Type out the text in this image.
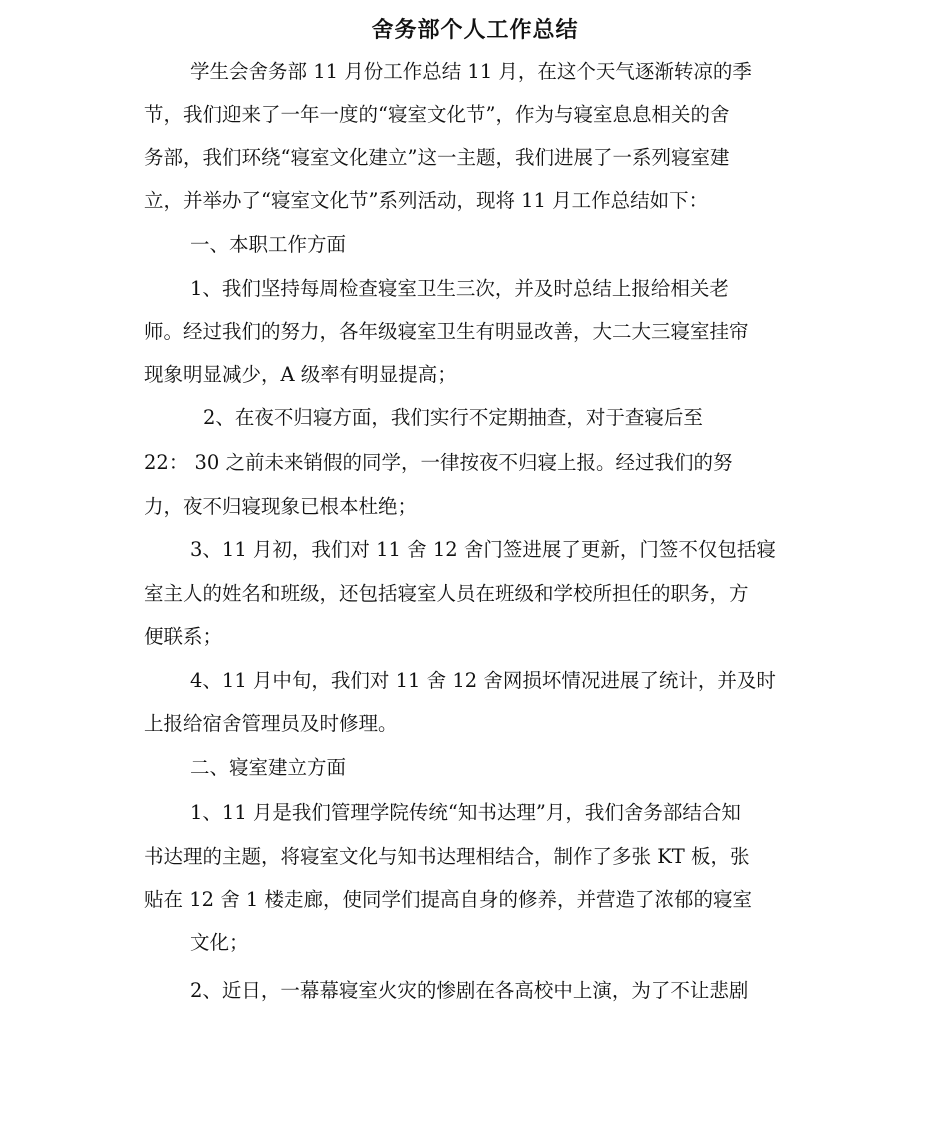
舍务部个人工作总结
学生会舍务部 11 月份工作总结 11 月，在这个天气逐渐转凉的季
节，我们迎来了一年一度的“寝室文化节”，作为与寝室息息相关的舍
务部，我们环绕“寝室文化建立”这一主题，我们进展了一系列寝室建
立，并举办了“寝室文化节”系列活动，现将 11 月工作总结如下：
一、本职工作方面
1、我们坚持每周检查寝室卫生三次，并及时总结上报给相关老
师。经过我们的努力，各年级寝室卫生有明显改善，大二大三寝室挂帘
现象明显减少，A 级率有明显提高；
2、在夜不归寝方面，我们实行不定期抽查，对于查寝后至
22： 30 之前未来销假的同学，一律按夜不归寝上报。经过我们的努
力，夜不归寝现象已根本杜绝；
3、11 月初，我们对 11 舍 12 舍门签进展了更新，门签不仅包括寝
室主人的姓名和班级，还包括寝室人员在班级和学校所担任的职务，方
便联系；
4、11 月中旬，我们对 11 舍 12 舍网损坏情况进展了统计，并及时
上报给宿舍管理员及时修理。
二、寝室建立方面
1、11 月是我们管理学院传统“知书达理”月，我们舍务部结合知
书达理的主题，将寝室文化与知书达理相结合，制作了多张 KT 板，张
贴在 12 舍 1 楼走廊，使同学们提高自身的修养，并营造了浓郁的寝室
文化；
2、近日，一幕幕寝室火灾的惨剧在各高校中上演，为了不让悲剧
